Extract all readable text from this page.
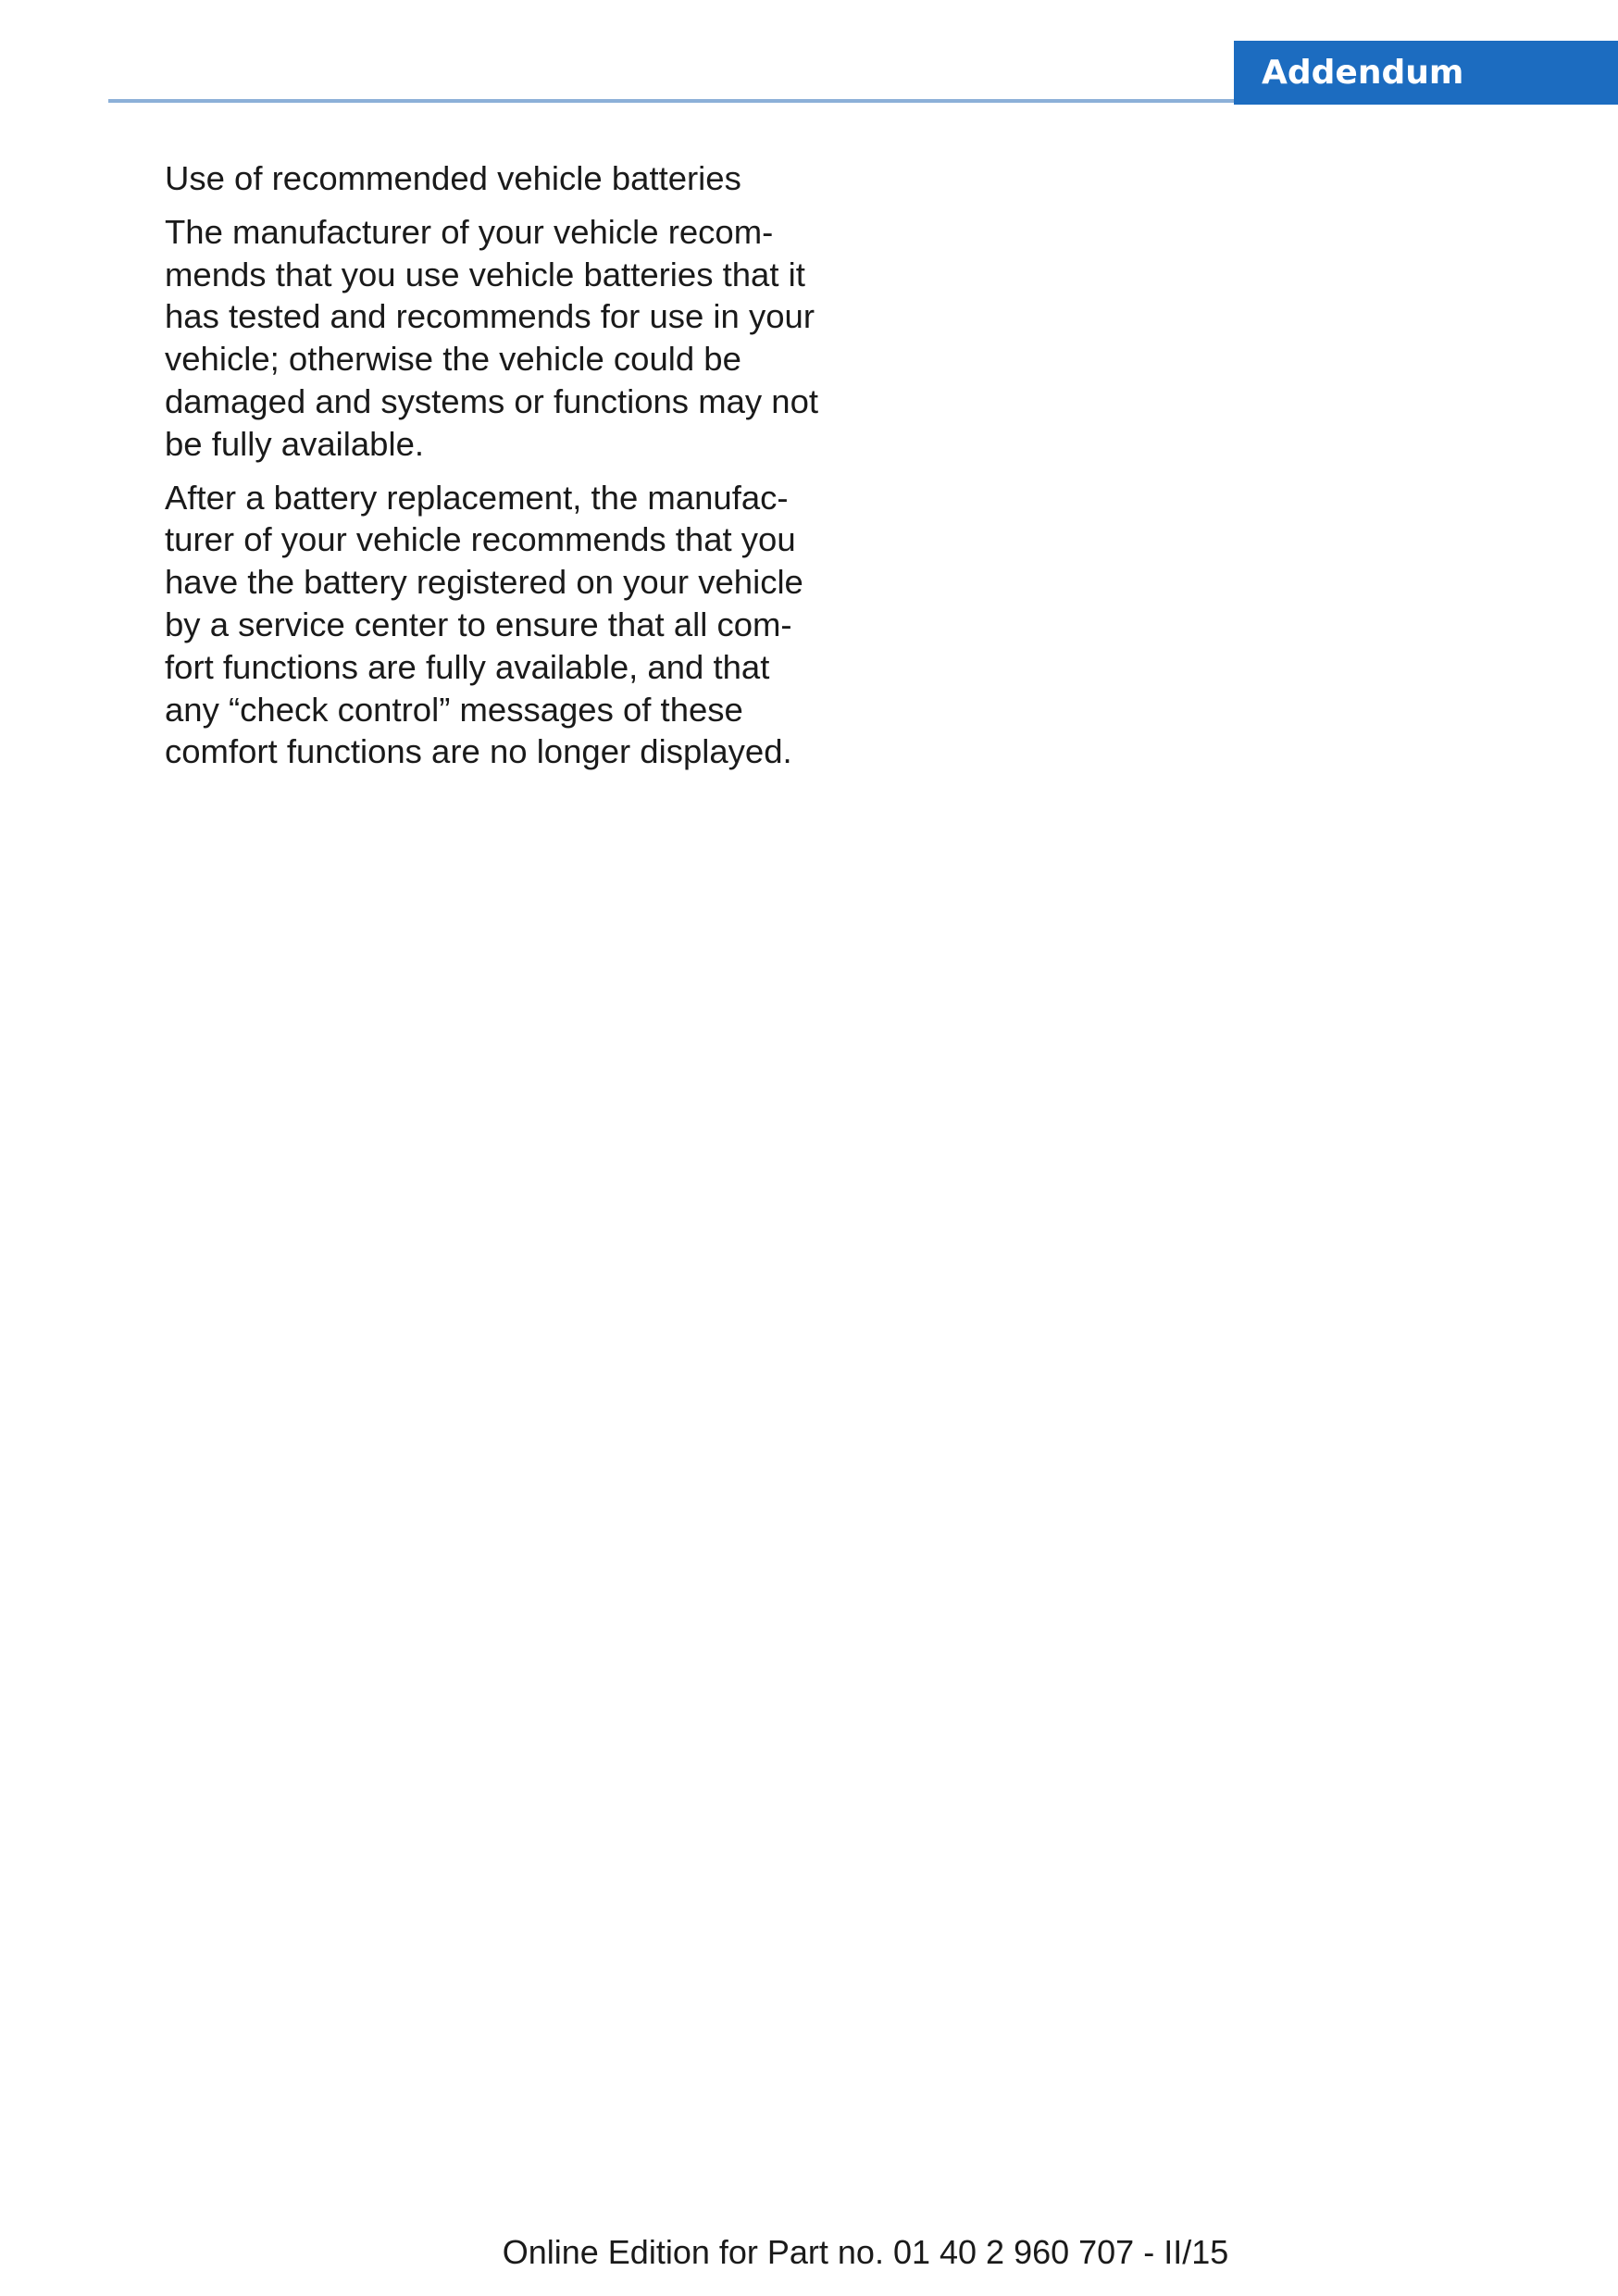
Addendum

Use of recommended vehicle batteries

The manufacturer of your vehicle recom-
mends that you use vehicle batteries that it
has tested and recommends for use in your
vehicle; otherwise the vehicle could be
damaged and systems or functions may not
be fully available.

After a battery replacement, the manufac-
turer of your vehicle recommends that you
have the battery registered on your vehicle
by a service center to ensure that all com-
fort functions are fully available, and that
any “check control” messages of these
comfort functions are no longer displayed.

Online Edition for Part no. 01 40 2 960 707 - II/15
